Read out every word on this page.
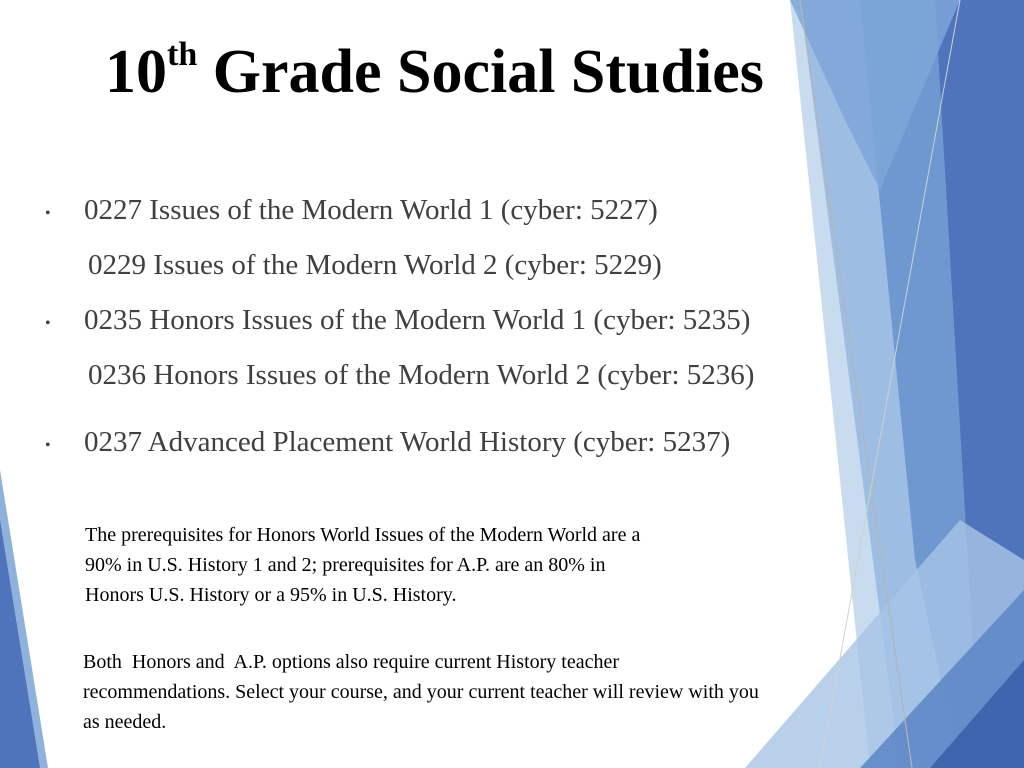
10th Grade Social Studies
• 0227 Issues of the Modern World 1 (cyber: 5227)
0229 Issues of the Modern World 2 (cyber: 5229)
• 0235 Honors Issues of the Modern World 1 (cyber: 5235)
0236 Honors Issues of the Modern World 2 (cyber: 5236)
• 0237 Advanced Placement World History (cyber: 5237)
The prerequisites for Honors World Issues of the Modern World are a
90% in U.S. History 1 and 2; prerequisites for A.P. are an 80% in
Honors U.S. History or a 95% in U.S. History.
Both  Honors and  A.P. options also require current History teacher
recommendations. Select your course, and your current teacher will review with you
as needed.
